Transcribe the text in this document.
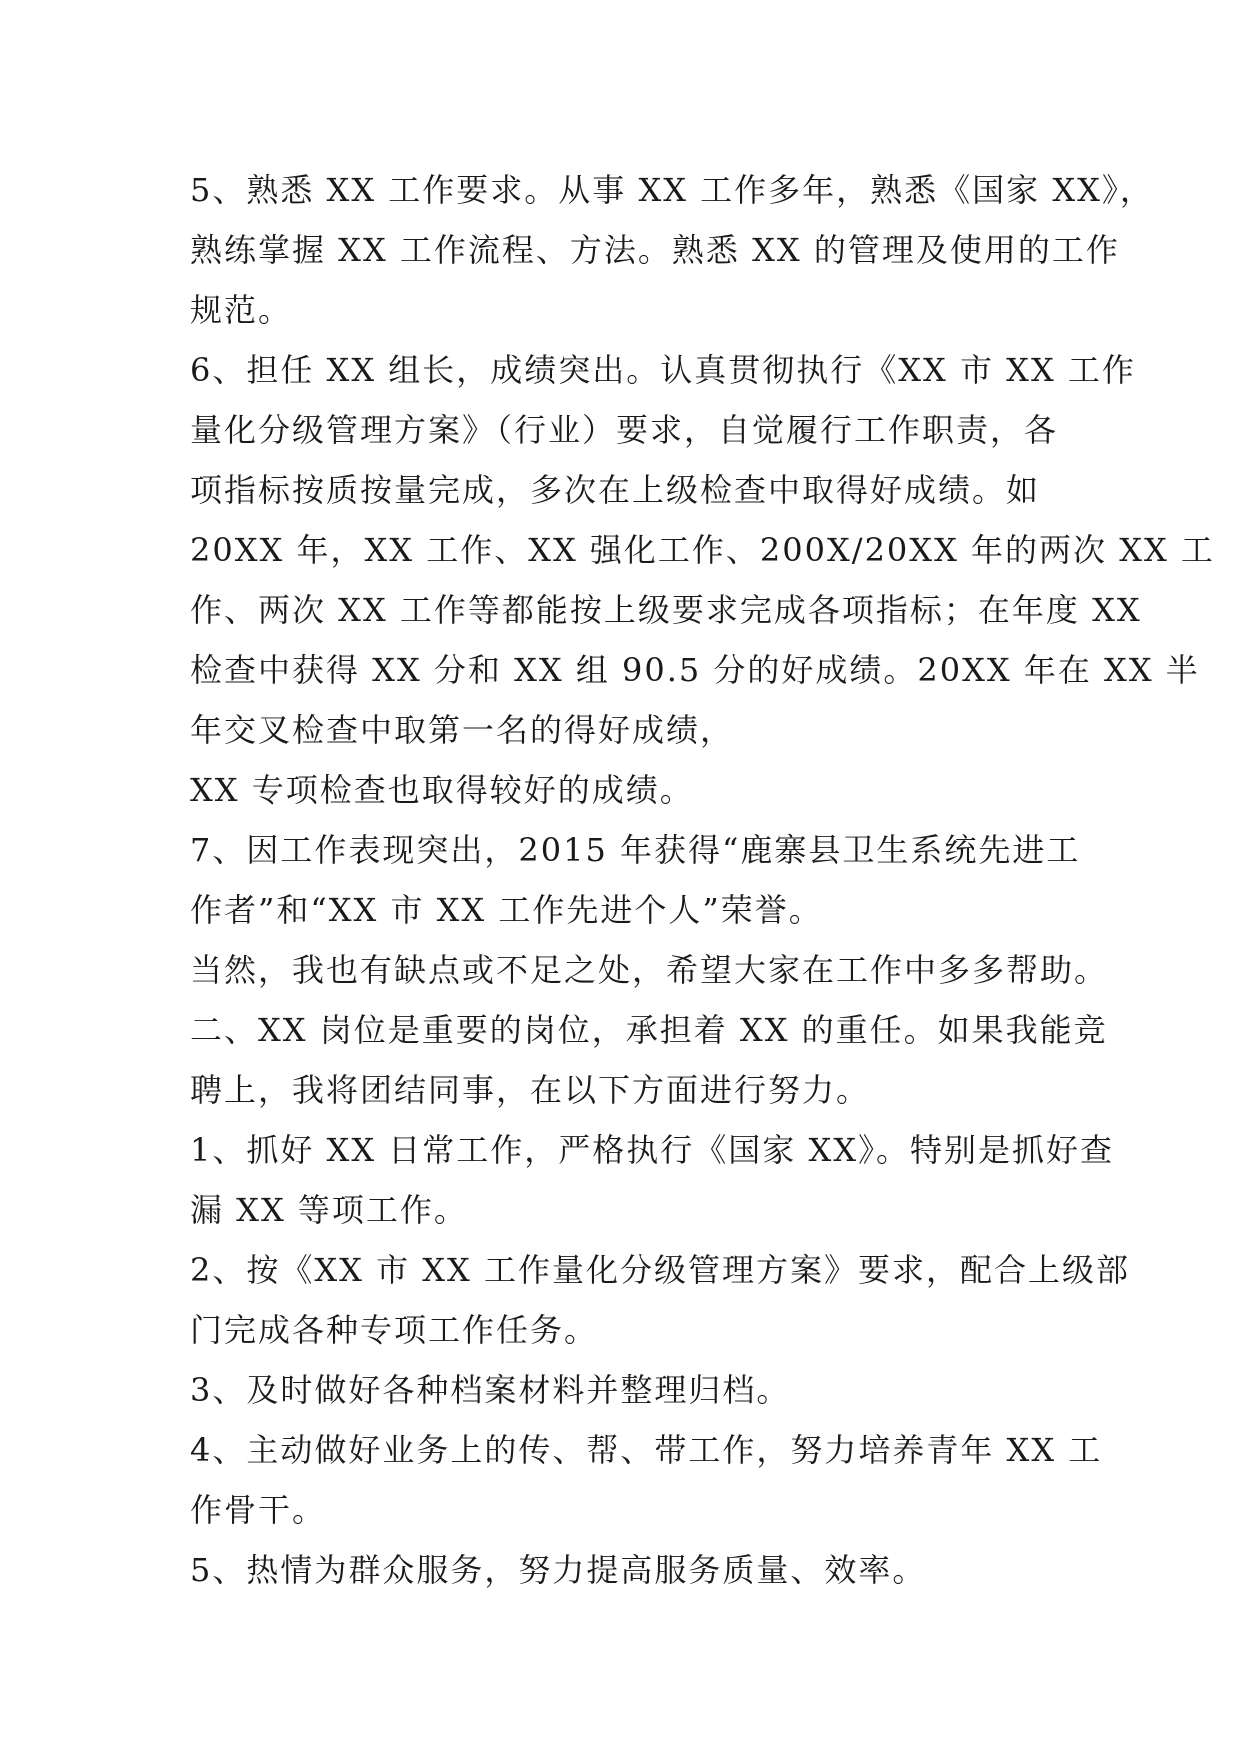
5、熟悉 XX 工作要求。从事 XX 工作多年，熟悉《国家 XX》，
熟练掌握 XX 工作流程、方法。熟悉 XX 的管理及使用的工作
规范。
6、担任 XX 组长，成绩突出。认真贯彻执行《XX 市 XX 工作
量化分级管理方案》（行业）要求，自觉履行工作职责，各
项指标按质按量完成，多次在上级检查中取得好成绩。如
20XX 年，XX 工作、XX 强化工作、200X/20XX 年的两次 XX 工
作、两次 XX 工作等都能按上级要求完成各项指标；在年度 XX
检查中获得 XX 分和 XX 组 90.5 分的好成绩。20XX 年在 XX 半
年交叉检查中取第一名的得好成绩，
XX 专项检查也取得较好的成绩。
7、因工作表现突出，2015 年获得“鹿寨县卫生系统先进工
作者”和“XX 市 XX 工作先进个人”荣誉。
当然，我也有缺点或不足之处，希望大家在工作中多多帮助。
二、XX 岗位是重要的岗位，承担着 XX 的重任。如果我能竞
聘上，我将团结同事，在以下方面进行努力。
1、抓好 XX 日常工作，严格执行《国家 XX》。特别是抓好查
漏 XX 等项工作。
2、按《XX 市 XX 工作量化分级管理方案》要求，配合上级部
门完成各种专项工作任务。
3、及时做好各种档案材料并整理归档。
4、主动做好业务上的传、帮、带工作，努力培养青年 XX 工
作骨干。
5、热情为群众服务，努力提高服务质量、效率。
